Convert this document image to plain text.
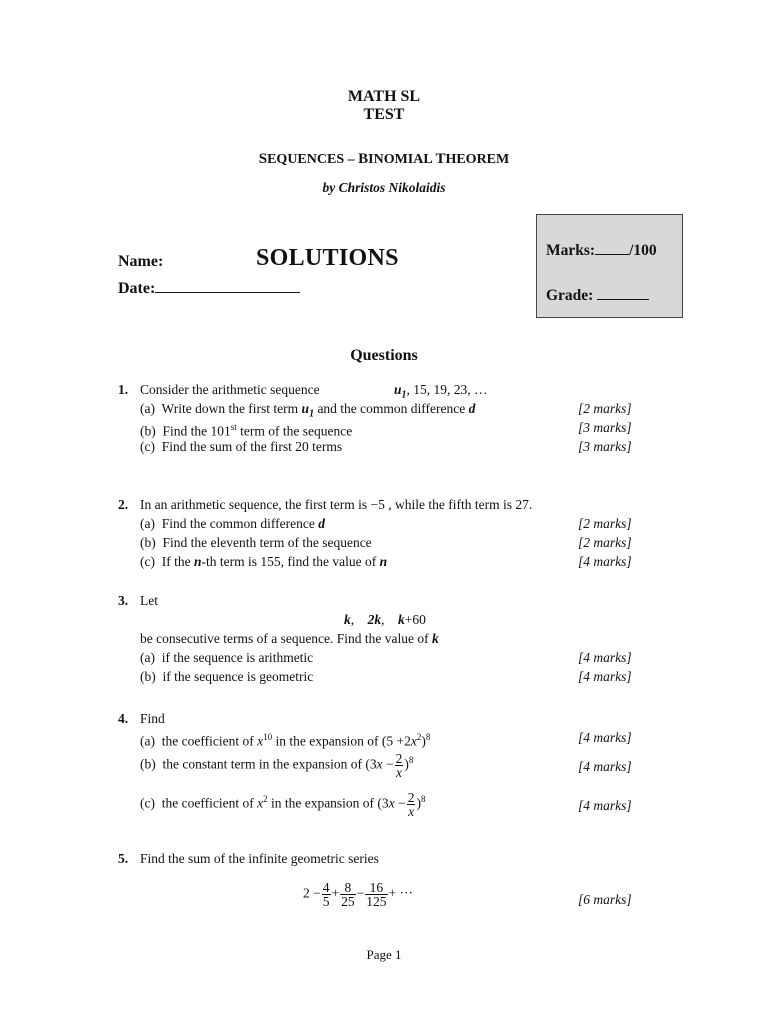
MATH SL
TEST
SEQUENCES – BINOMIAL THEOREM
by Christos Nikolaidis
Name:	SOLUTIONS
Date:
Marks: /100
Grade:
Questions
1. Consider the arithmetic sequence	$u_1$, 15, 19, 23, …
(a) Write down the first term $u_1$ and the common difference d	[2 marks]
(b) Find the 101st term of the sequence	[3 marks]
(c) Find the sum of the first 20 terms	[3 marks]
2. In an arithmetic sequence, the first term is −5 , while the fifth term is 27.
(a) Find the common difference d	[2 marks]
(b) Find the eleventh term of the sequence	[2 marks]
(c) If the n-th term is 155, find the value of n	[4 marks]
3. Let
k, 2k, k+60
be consecutive terms of a sequence. Find the value of k
(a) if the sequence is arithmetic	[4 marks]
(b) if the sequence is geometric	[4 marks]
4. Find
(a) the coefficient of $x^{10}$ in the expansion of $(5 +2x^2)^8$	[4 marks]
(b) the constant term in the expansion of $(3x - \frac{2}{x} )^8$	[4 marks]
(c) the coefficient of $x^2$ in the expansion of $(3x - \frac{2}{x} )^8$	[4 marks]
5. Find the sum of the infinite geometric series
$2 - \frac{4}{5} + \frac{8}{25} - \frac{16}{125}$ + ···	[6 marks]
Page 1
